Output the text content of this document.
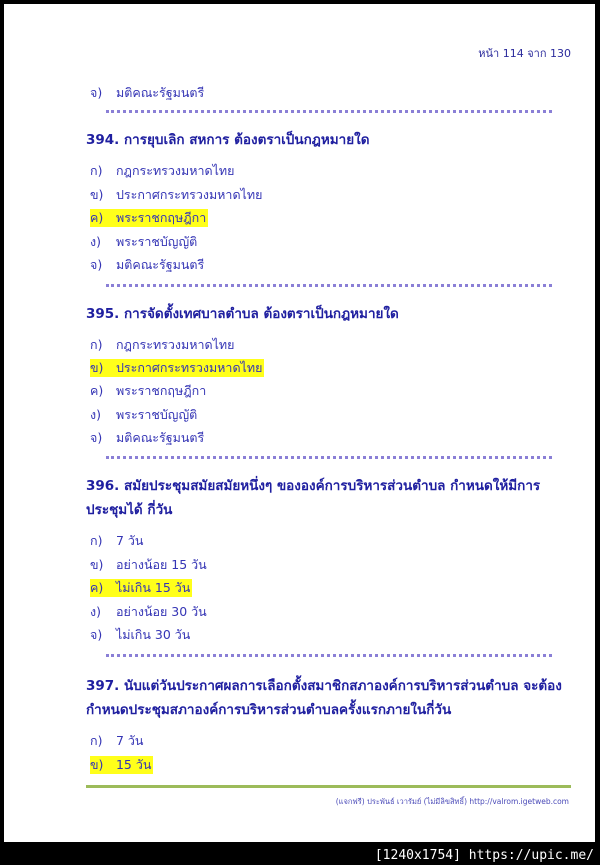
หน้า 114 จาก 130
จ) มติคณะรัฐมนตรี
394. การยุบเลิก สหการ ต้องตราเป็นกฎหมายใด
ก) กฎกระทรวงมหาดไทย
ข) ประกาศกระทรวงมหาดไทย
ค) พระราชกฤษฎีกา
ง) พระราชบัญญัติ
จ) มติคณะรัฐมนตรี
395. การจัดตั้งเทศบาลตำบล ต้องตราเป็นกฎหมายใด
ก) กฎกระทรวงมหาดไทย
ข) ประกาศกระทรวงมหาดไทย
ค) พระราชกฤษฎีกา
ง) พระราชบัญญัติ
จ) มติคณะรัฐมนตรี
396. สมัยประชุมสมัยสมัยหนึ่งๆ ขององค์การบริหารส่วนตำบล กำหนดให้มีการประชุมได้ กี่วัน
ก) 7 วัน
ข) อย่างน้อย 15 วัน
ค) ไม่เกิน 15 วัน
ง) อย่างน้อย 30 วัน
จ) ไม่เกิน 30 วัน
397. นับแต่วันประกาศผลการเลือกตั้งสมาชิกสภาองค์การบริหารส่วนตำบล จะต้องกำหนดประชุมสภาองค์การบริหารส่วนตำบลครั้งแรกภายในกี่วัน
ก) 7 วัน
ข) 15 วัน
(แจกฟรี) ประพันธ์ เวารัมย์ (ไม่มีลิขสิทธิ์) http://valrom.igetweb.com
[1240x1754] https://upic.me/
